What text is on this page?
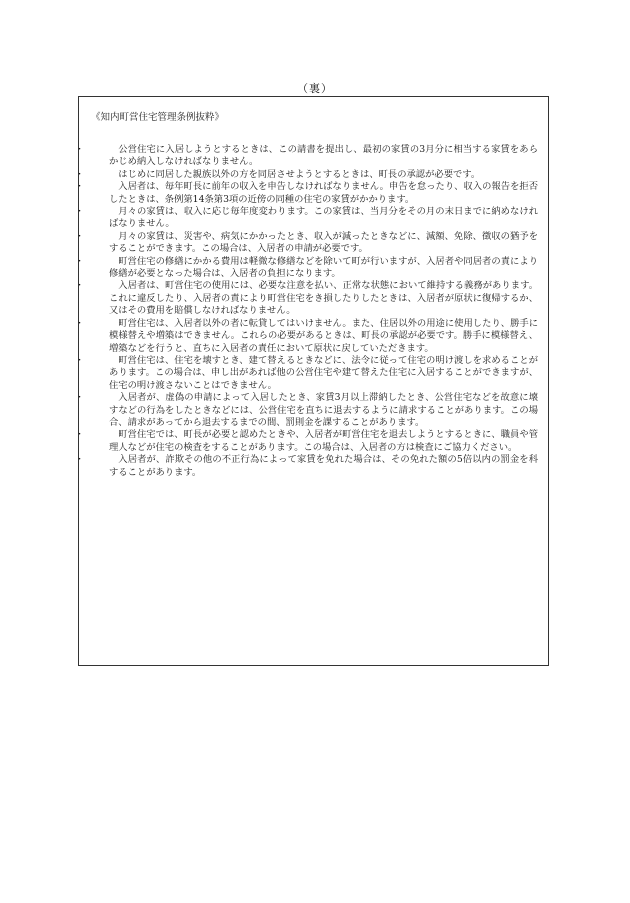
（裏）
《知内町営住宅管理条例抜粋》
・	公営住宅に入居しようとするときは、この請書を提出し、最初の家賃の3月分に相当する家賃をあらかじめ納入しなければなりません。
・	はじめに同居した親族以外の方を同居させようとするときは、町長の承認が必要です。
・	入居者は、毎年町長に前年の収入を申告しなければなりません。申告を怠ったり、収入の報告を拒否したときは、条例第14条第3項の近傍の同種の住宅の家賃がかかります。
・	月々の家賃は、収入に応じ毎年度変わります。この家賃は、当月分をその月の末日までに納めなければなりません。
・	月々の家賃は、災害や、病気にかかったとき、収入が減ったときなどに、減額、免除、徴収の猶予をすることができます。この場合は、入居者の申請が必要です。
・	町営住宅の修繕にかかる費用は軽微な修繕などを除いて町が行いますが、入居者や同居者の責により修繕が必要となった場合は、入居者の負担になります。
・	入居者は、町営住宅の使用には、必要な注意を払い、正常な状態において維持する義務があります。これに違反したり、入居者の責により町営住宅をき損したりしたときは、入居者が原状に復帰するか、又はその費用を賠償しなければなりません。
・	町営住宅は、入居者以外の者に転貸してはいけません。また、住居以外の用途に使用したり、勝手に模様替えや増築はできません。これらの必要があるときは、町長の承認が必要です。勝手に模様替え、増築などを行うと、直ちに入居者の責任において原状に戻していただきます。
・	町営住宅は、住宅を壊すとき、建て替えるときなどに、法令に従って住宅の明け渡しを求めることがあります。この場合は、申し出があれば他の公営住宅や建て替えた住宅に入居することができますが、住宅の明け渡さないことはできません。
・	入居者が、虚偽の申請によって入居したとき、家賃3月以上滞納したとき、公営住宅などを故意に壊すなどの行為をしたときなどには、公営住宅を直ちに退去するように請求することがあります。この場合、請求があってから退去するまでの間、罰則金を課することがあります。
・	町営住宅では、町長が必要と認めたときや、入居者が町営住宅を退去しようとするときに、職員や管理人などが住宅の検査をすることがあります。この場合は、入居者の方は検査にご協力ください。
・	入居者が、詐欺その他の不正行為によって家賃を免れた場合は、その免れた額の5倍以内の罰金を科することがあります。
